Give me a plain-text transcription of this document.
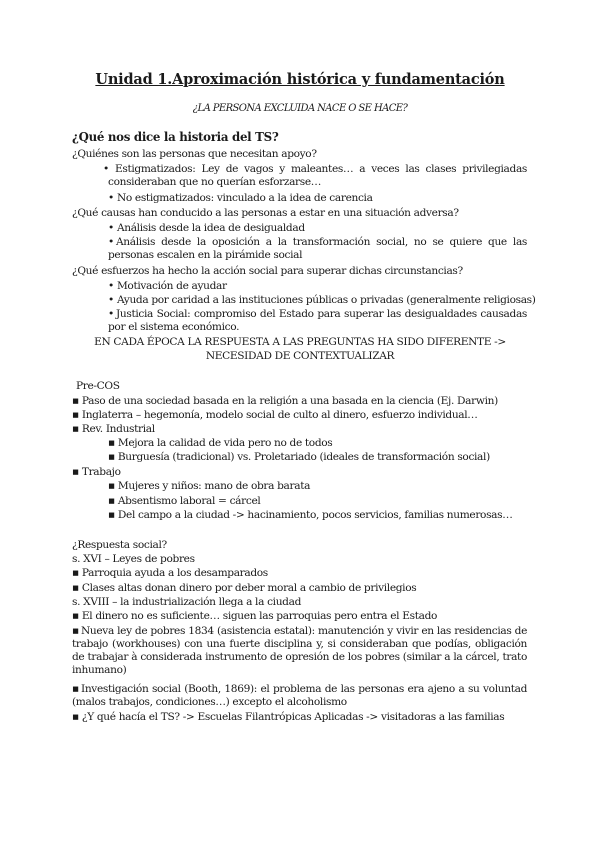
Unidad 1.Aproximación histórica y fundamentación
¿LA PERSONA EXCLUIDA NACE O SE HACE?
¿Qué nos dice la historia del TS?
¿Quiénes son las personas que necesitan apoyo?
• Estigmatizados: Ley de vagos y maleantes… a veces las clases privilegiadas consideraban que no querían esforzarse…
• No estigmatizados: vinculado a la idea de carencia
¿Qué causas han conducido a las personas a estar en una situación adversa?
• Análisis desde la idea de desigualdad
• Análisis desde la oposición a la transformación social, no se quiere que las personas escalen en la pirámide social
¿Qué esfuerzos ha hecho la acción social para superar dichas circunstancias?
• Motivación de ayudar
• Ayuda por caridad a las instituciones públicas o privadas (generalmente religiosas)
• Justicia Social: compromiso del Estado para superar las desigualdades causadas por el sistema económico.
EN CADA ÉPOCA LA RESPUESTA A LAS PREGUNTAS HA SIDO DIFERENTE ->
NECESIDAD DE CONTEXTUALIZAR
Pre-COS
▪ Paso de una sociedad basada en la religión a una basada en la ciencia (Ej. Darwin)
▪ Inglaterra – hegemonía, modelo social de culto al dinero, esfuerzo individual…
▪ Rev. Industrial
▪ Mejora la calidad de vida pero no de todos
▪ Burguesía (tradicional) vs. Proletariado (ideales de transformación social)
▪ Trabajo
▪ Mujeres y niños: mano de obra barata
▪ Absentismo laboral = cárcel
▪ Del campo a la ciudad -> hacinamiento, pocos servicios, familias numerosas…
¿Respuesta social?
s. XVI – Leyes de pobres
▪ Parroquia ayuda a los desamparados
▪ Clases altas donan dinero por deber moral a cambio de privilegios
s. XVIII – la industrialización llega a la ciudad
▪ El dinero no es suficiente… siguen las parroquias pero entra el Estado
▪ Nueva ley de pobres 1834 (asistencia estatal): manutención y vivir en las residencias de trabajo (workhouses) con una fuerte disciplina y, si consideraban que podías, obligación de trabajar à considerada instrumento de opresión de los pobres (similar a la cárcel, trato inhumano)
▪ Investigación social (Booth, 1869): el problema de las personas era ajeno a su voluntad (malos trabajos, condiciones…) excepto el alcoholismo
▪ ¿Y qué hacía el TS? -> Escuelas Filantrópicas Aplicadas -> visitadoras a las familias
